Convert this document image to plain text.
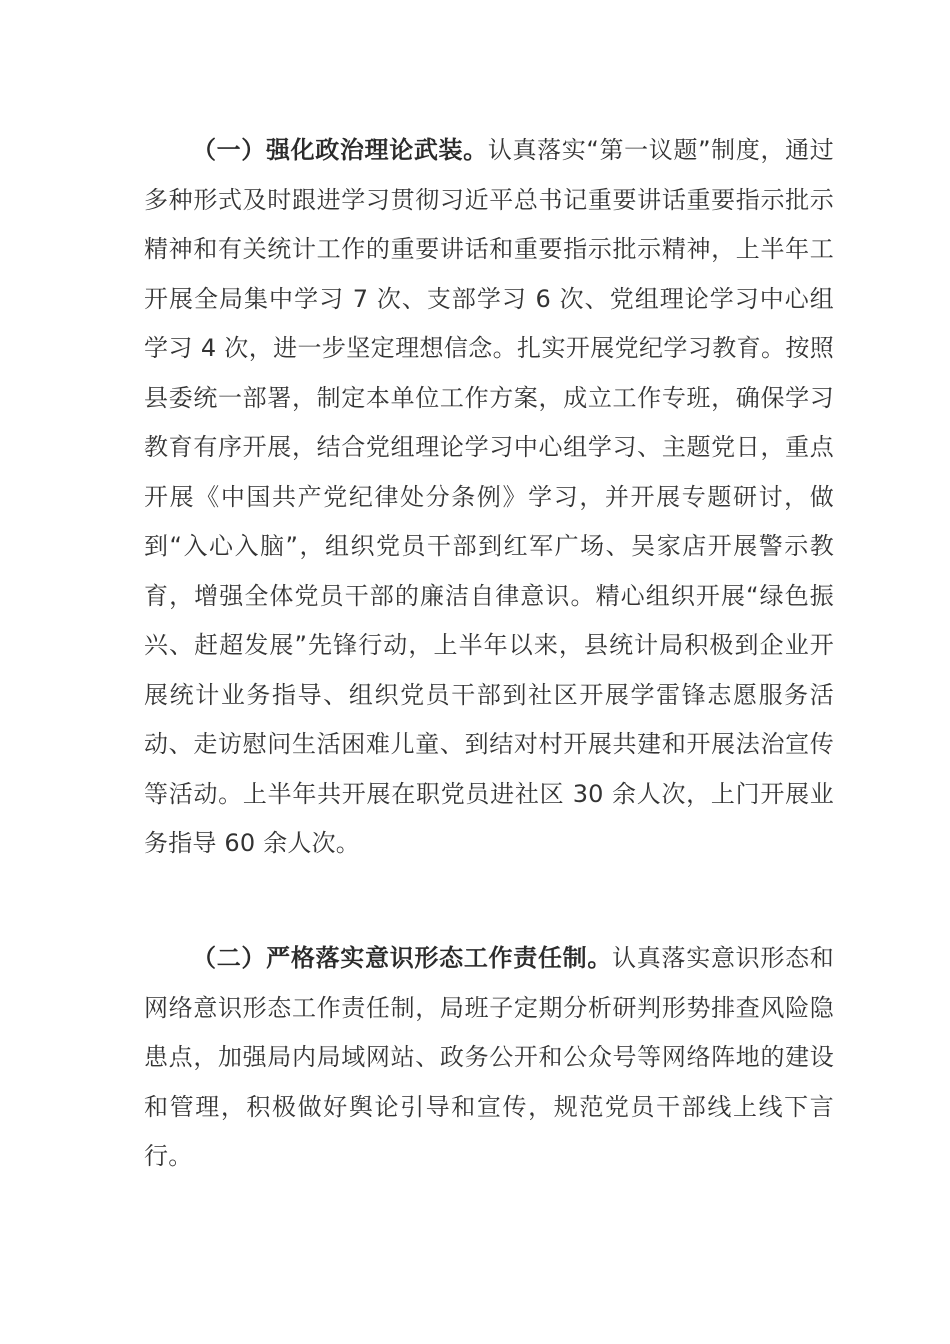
（一）强化政治理论武装。认真落实“第一议题”制度，通过多种形式及时跟进学习贯彻习近平总书记重要讲话重要指示批示精神和有关统计工作的重要讲话和重要指示批示精神，上半年工开展全局集中学习 7 次、支部学习 6 次、党组理论学习中心组学习 4 次，进一步坚定理想信念。扎实开展党纪学习教育。按照县委统一部署，制定本单位工作方案，成立工作专班，确保学习教育有序开展，结合党组理论学习中心组学习、主题党日，重点开展《中国共产党纪律处分条例》学习，并开展专题研讨，做到“入心入脑”，组织党员干部到红军广场、吴家店开展警示教育，增强全体党员干部的廉洁自律意识。精心组织开展“绿色振兴、赶超发展”先锋行动，上半年以来，县统计局积极到企业开展统计业务指导、组织党员干部到社区开展学雷锋志愿服务活动、走访慰问生活困难儿童、到结对村开展共建和开展法治宣传等活动。上半年共开展在职党员进社区 30 余人次，上门开展业务指导 60 余人次。

（二）严格落实意识形态工作责任制。认真落实意识形态和网络意识形态工作责任制，局班子定期分析研判形势排查风险隐患点，加强局内局域网站、政务公开和公众号等网络阵地的建设和管理，积极做好舆论引导和宣传，规范党员干部线上线下言行。
